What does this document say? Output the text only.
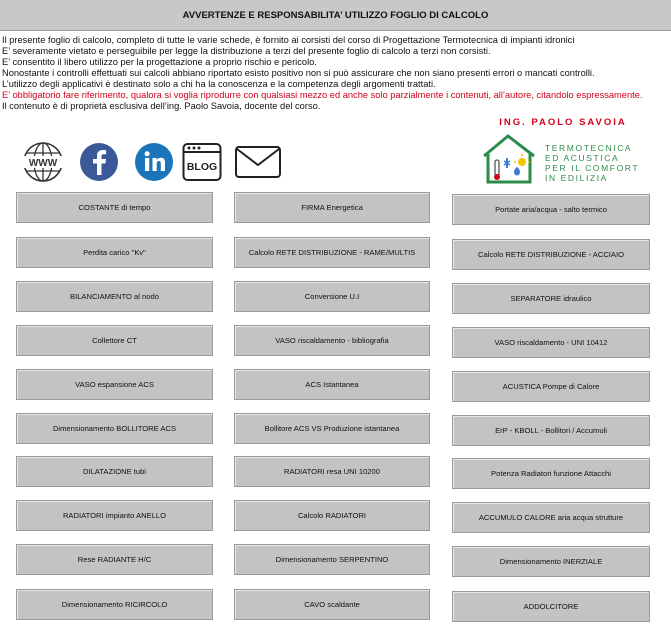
AVVERTENZE E RESPONSABILITA’ UTILIZZO FOGLIO DI CALCOLO
Il presente foglio di calcolo, completo di tutte le varie schede, è fornito ai corsisti del corso di Progettazione Termotecnica di impianti idronici
E’ severamente vietato e perseguibile per legge la distribuzione a terzi del presente foglio di calcolo a terzi non corsisti.
E’ consentito il libero utilizzo per la progettazione a proprio rischio e pericolo.
Nonostante i controlli effettuati sui calcoli abbiano riportato esisto positivo non si può assicurare che non siano presenti errori o mancati controlli.
L’utilizzo degli applicativi è destinato solo a chi ha la conoscenza e la competenza degli argomenti trattati.
E’ obbligatorio fare riferimento, qualora si voglia riprodurre con qualsiasi mezzo ed anche solo parzialmente i contenuti, all’autore, citandolo espressamente.
Il contenuto è di proprietà esclusiva dell’ing. Paolo Savoia, docente del corso.
WWW	BLOG
ING. PAOLO SAVOIA
TERMOTECNICA
ED ACUSTICA
PER IL COMFORT
IN EDILIZIA
COSTANTE di tempo	FIRMA Energetica	Portate aria/acqua - salto termico
Perdita carico "Kv"	Calcolo RETE DISTRIBUZIONE - RAME/MULTIS	Calcolo RETE DISTRIBUZIONE - ACCIAIO
BILANCIAMENTO al nodo	Conversione U.I	SEPARATORE idraulico
Collettore CT	VASO riscaldamento - bibliografia	VASO riscaldamento - UNI 10412
VASO espansione ACS	ACS Istantanea	ACUSTICA Pompe di Calore
Dimensionamento BOLLITORE ACS	Bollitore ACS VS Produzione istantanea	ErP - KBOLL - Bollitori / Accumuli
DILATAZIONE tubi	RADIATORI resa UNI 10200	Potenza Radiatori funzione Attacchi
RADIATORI impianto ANELLO	Calcolo RADIATORI	ACCUMULO CALORE aria acqua strutture
Rese RADIANTE H/C	Dimensionamento SERPENTINO	Dimensionamento INERZIALE
Dimensionamento RICIRCOLO	CAVO scaldante	ADDOLCITORE
